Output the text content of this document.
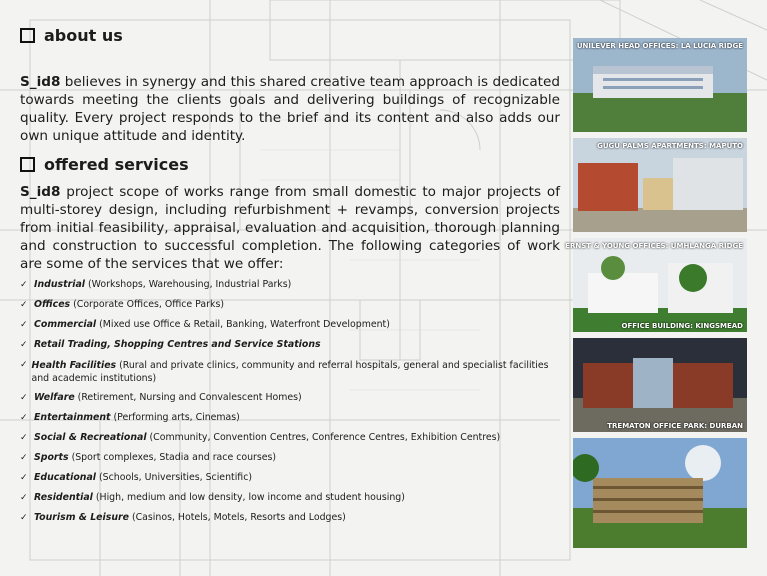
about us

S_id8 believes in synergy and this shared creative team approach is dedicated towards meeting the clients goals and delivering buildings of recognizable quality. Every project responds to the brief and its content and also adds our own unique attitude and identity.

offered services

S_id8 project scope of works range from small domestic to major projects of multi-storey design, including refurbishment + revamps, conversion projects from initial feasibility, appraisal, evaluation and acquisition, thorough planning and construction to successful completion. The following categories of work are some of the services that we offer:

✓ Industrial (Workshops, Warehousing, Industrial Parks)
✓ Offices (Corporate Offices, Office Parks)
✓ Commercial (Mixed use Office & Retail, Banking, Waterfront Development)
✓ Retail Trading, Shopping Centres and Service Stations
✓ Health Facilities (Rural and private clinics, community and referral hospitals, general and specialist facilities and academic institutions)
✓ Welfare (Retirement, Nursing and Convalescent Homes)
✓ Entertainment (Performing arts, Cinemas)
✓ Social & Recreational (Community, Convention Centres, Conference Centres, Exhibition Centres)
✓ Sports (Sport complexes, Stadia and race courses)
✓ Educational (Schools, Universities, Scientific)
✓ Residential (High, medium and low density, low income and student housing)
✓ Tourism & Leisure (Casinos, Hotels, Motels, Resorts and Lodges)
UNILEVER HEAD OFFICES: LA LUCIA RIDGE
GUGU PALMS APARTMENTS: MAPUTO
ERNST & YOUNG OFFICES: UMHLANGA RIDGE
OFFICE BUILDING: KINGSMEAD
TREMATON OFFICE PARK: DURBAN
